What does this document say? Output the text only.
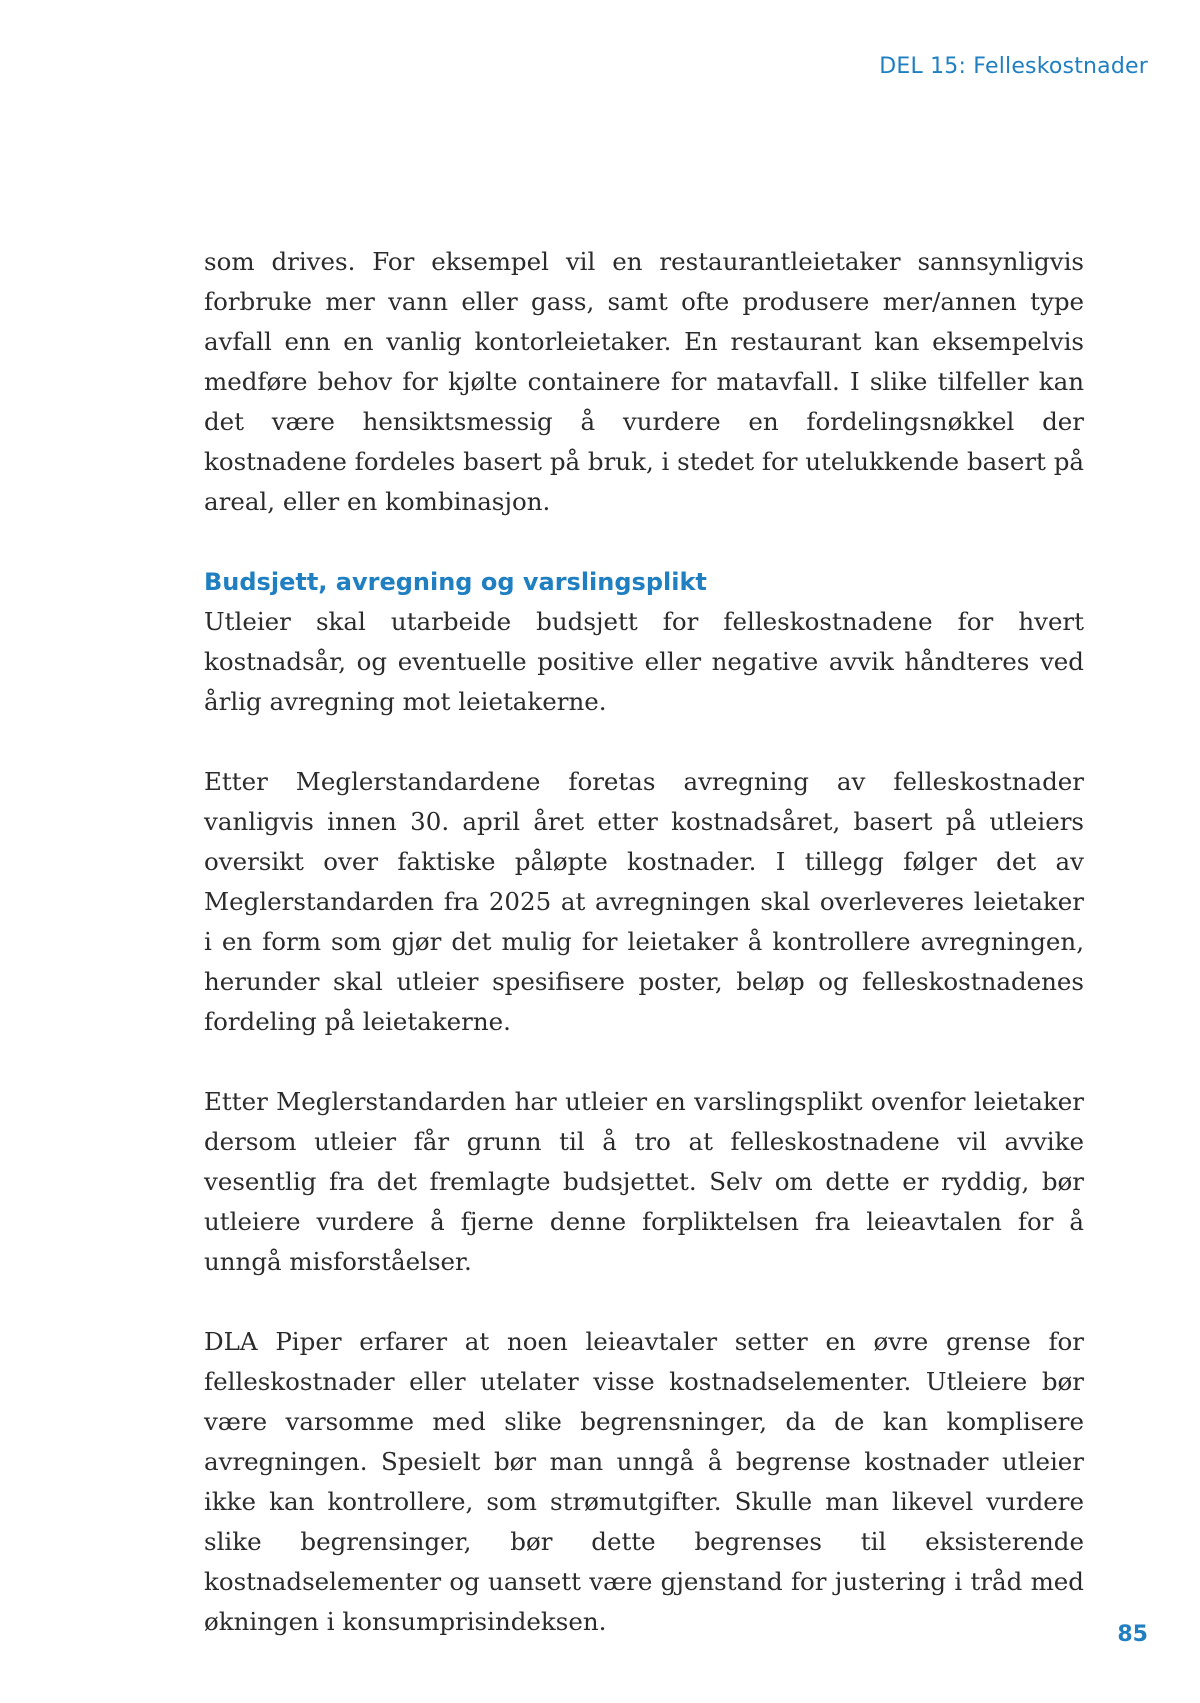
DEL 15: Felleskostnader

som drives. For eksempel vil en restaurantleietaker sannsynligvis forbruke mer vann eller gass, samt ofte produsere mer/annen type avfall enn en vanlig kontorleietaker. En restaurant kan eksempelvis medføre behov for kjølte containere for matavfall. I slike tilfeller kan det være hensiktsmessig å vurdere en fordelingsnøkkel der kostnadene fordeles basert på bruk, i stedet for utelukkende basert på areal, eller en kombinasjon.

Budsjett, avregning og varslingsplikt

Utleier skal utarbeide budsjett for felleskostnadene for hvert kostnadsår, og eventuelle positive eller negative avvik håndteres ved årlig avregning mot leietakerne.

Etter Meglerstandardene foretas avregning av felleskostnader vanligvis innen 30. april året etter kostnadsåret, basert på utleiers oversikt over faktiske påløpte kostnader. I tillegg følger det av Meglerstandarden fra 2025 at avregningen skal overleveres leietaker i en form som gjør det mulig for leietaker å kontrollere avregningen, herunder skal utleier spesifisere poster, beløp og felleskostnadenes fordeling på leietakerne.

Etter Meglerstandarden har utleier en varslingsplikt ovenfor leietaker dersom utleier får grunn til å tro at felleskostnadene vil avvike vesentlig fra det fremlagte budsjettet. Selv om dette er ryddig, bør utleiere vurdere å fjerne denne forpliktelsen fra leieavtalen for å unngå misforståelser.

DLA Piper erfarer at noen leieavtaler setter en øvre grense for felleskostnader eller utelater visse kostnadselementer. Utleiere bør være varsomme med slike begrensninger, da de kan komplisere avregningen. Spesielt bør man unngå å begrense kostnader utleier ikke kan kontrollere, som strømutgifter. Skulle man likevel vurdere slike begrensinger, bør dette begrenses til eksisterende kostnadselementer og uansett være gjenstand for justering i tråd med økningen i konsumprisindeksen.	85
